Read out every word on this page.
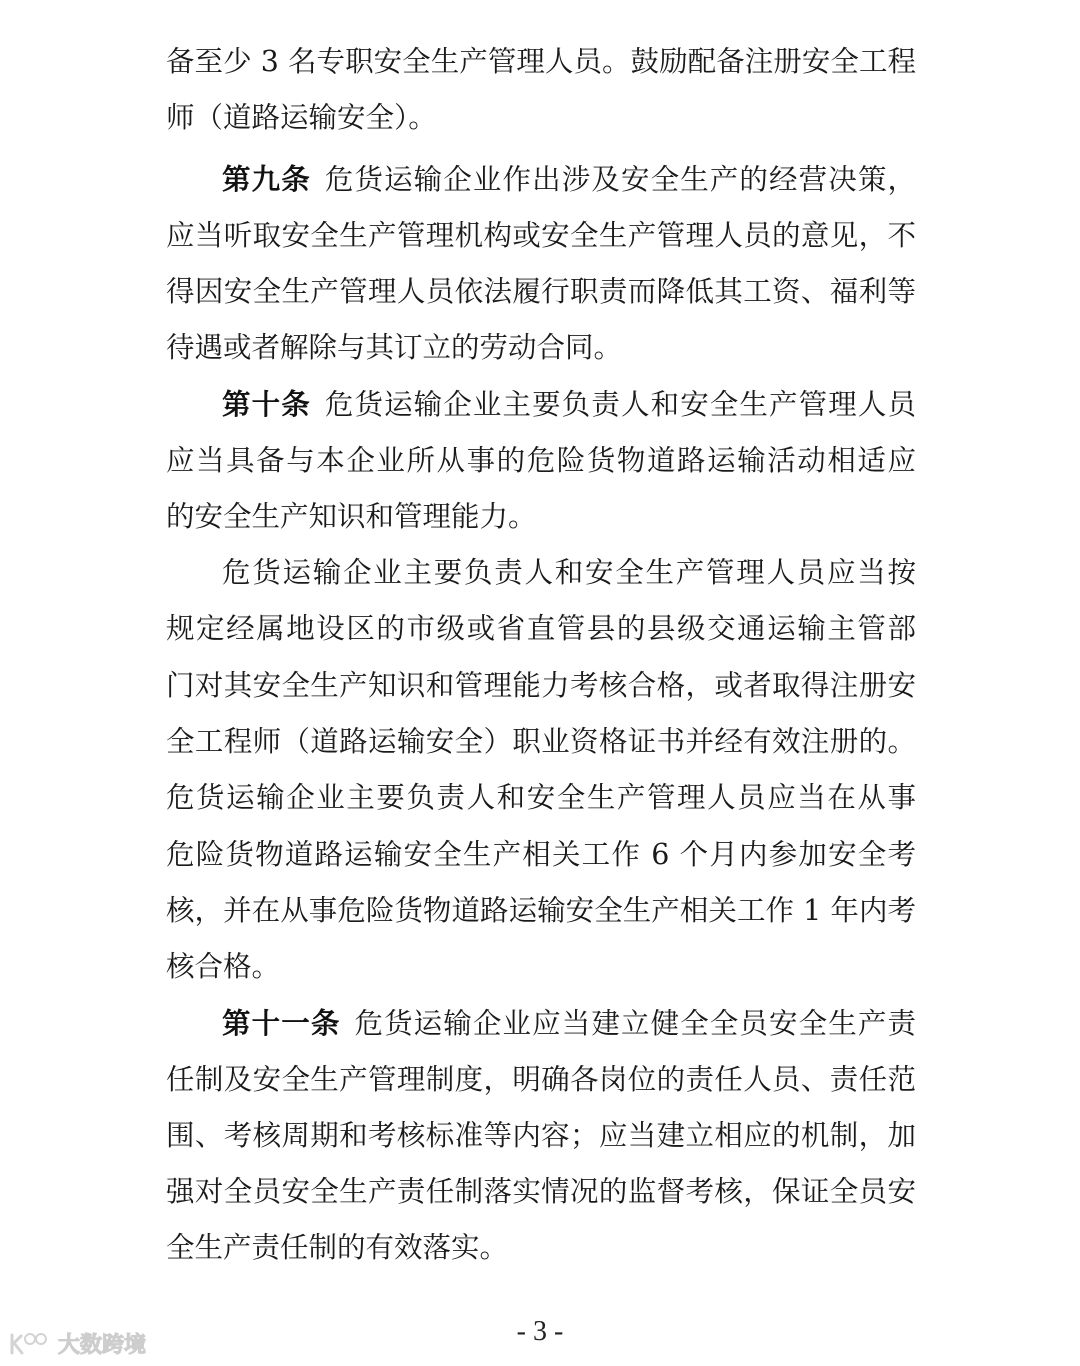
备至少 3 名专职安全生产管理人员。鼓励配备注册安全工程
师（道路运输安全）。
第九条 危货运输企业作出涉及安全生产的经营决策，
应当听取安全生产管理机构或安全生产管理人员的意见，不
得因安全生产管理人员依法履行职责而降低其工资、福利等
待遇或者解除与其订立的劳动合同。
第十条 危货运输企业主要负责人和安全生产管理人员
应当具备与本企业所从事的危险货物道路运输活动相适应
的安全生产知识和管理能力。
危货运输企业主要负责人和安全生产管理人员应当按
规定经属地设区的市级或省直管县的县级交通运输主管部
门对其安全生产知识和管理能力考核合格，或者取得注册安
全工程师（道路运输安全）职业资格证书并经有效注册的。
危货运输企业主要负责人和安全生产管理人员应当在从事
危险货物道路运输安全生产相关工作 6 个月内参加安全考
核，并在从事危险货物道路运输安全生产相关工作 1 年内考
核合格。
第十一条 危货运输企业应当建立健全全员安全生产责
任制及安全生产管理制度，明确各岗位的责任人员、责任范
围、考核周期和考核标准等内容；应当建立相应的机制，加
强对全员安全生产责任制落实情况的监督考核，保证全员安
全生产责任制的有效落实。
- 3 -
大数跨境
